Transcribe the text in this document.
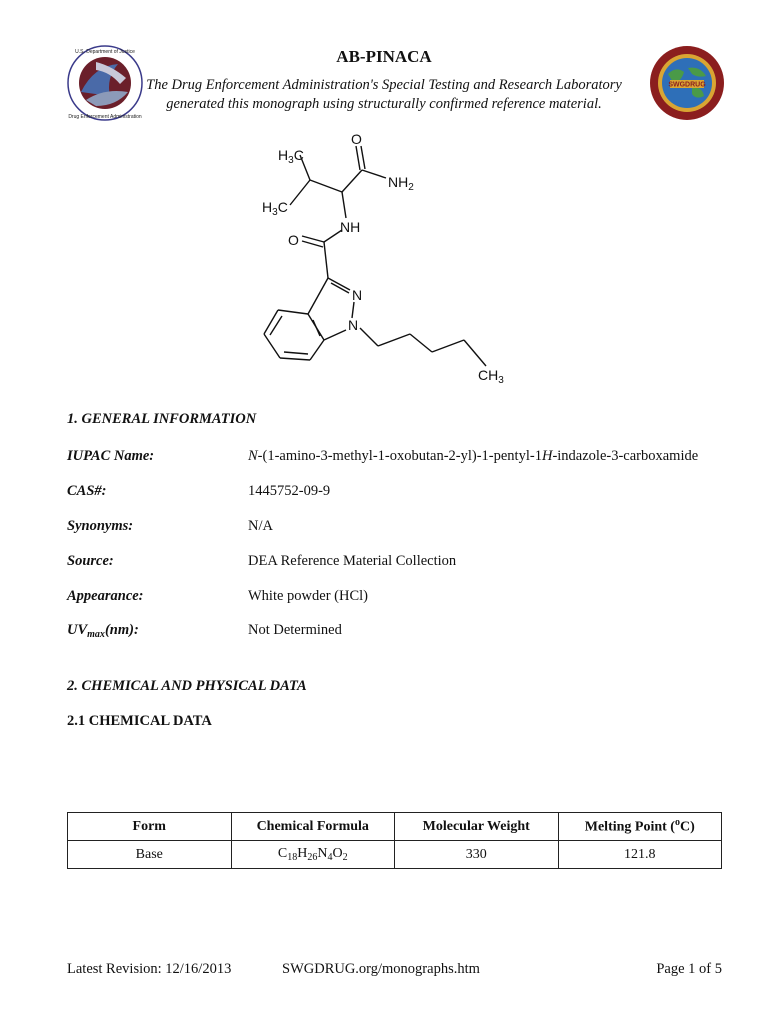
AB-PINACA
The Drug Enforcement Administration's Special Testing and Research Laboratory
generated this monograph using structurally confirmed reference material.
U.S. Department of Justice
Drug Enforcement Administration
SWGDRUG
$H_3C$
$H_3C$
O
$NH_2$
O
NH
N
N
$CH_3$
1. GENERAL INFORMATION
IUPAC Name:	N-(1-amino-3-methyl-1-oxobutan-2-yl)-1-pentyl-1H-indazole-3-carboxamide
CAS#:	1445752-09-9
Synonyms:	N/A
Source:	DEA Reference Material Collection
Appearance:	White powder (HCl)
$UV_{max}(nm)$:	Not Determined
2. CHEMICAL AND PHYSICAL DATA
2.1 CHEMICAL DATA
Form	Chemical Formula	Molecular Weight	Melting Point ($^o$C)
Base	$C_{18}H_{26}N_4O_2$	330	121.8
Latest Revision: 12/16/2013	SWGDRUG.org/monographs.htm	Page 1 of 5
